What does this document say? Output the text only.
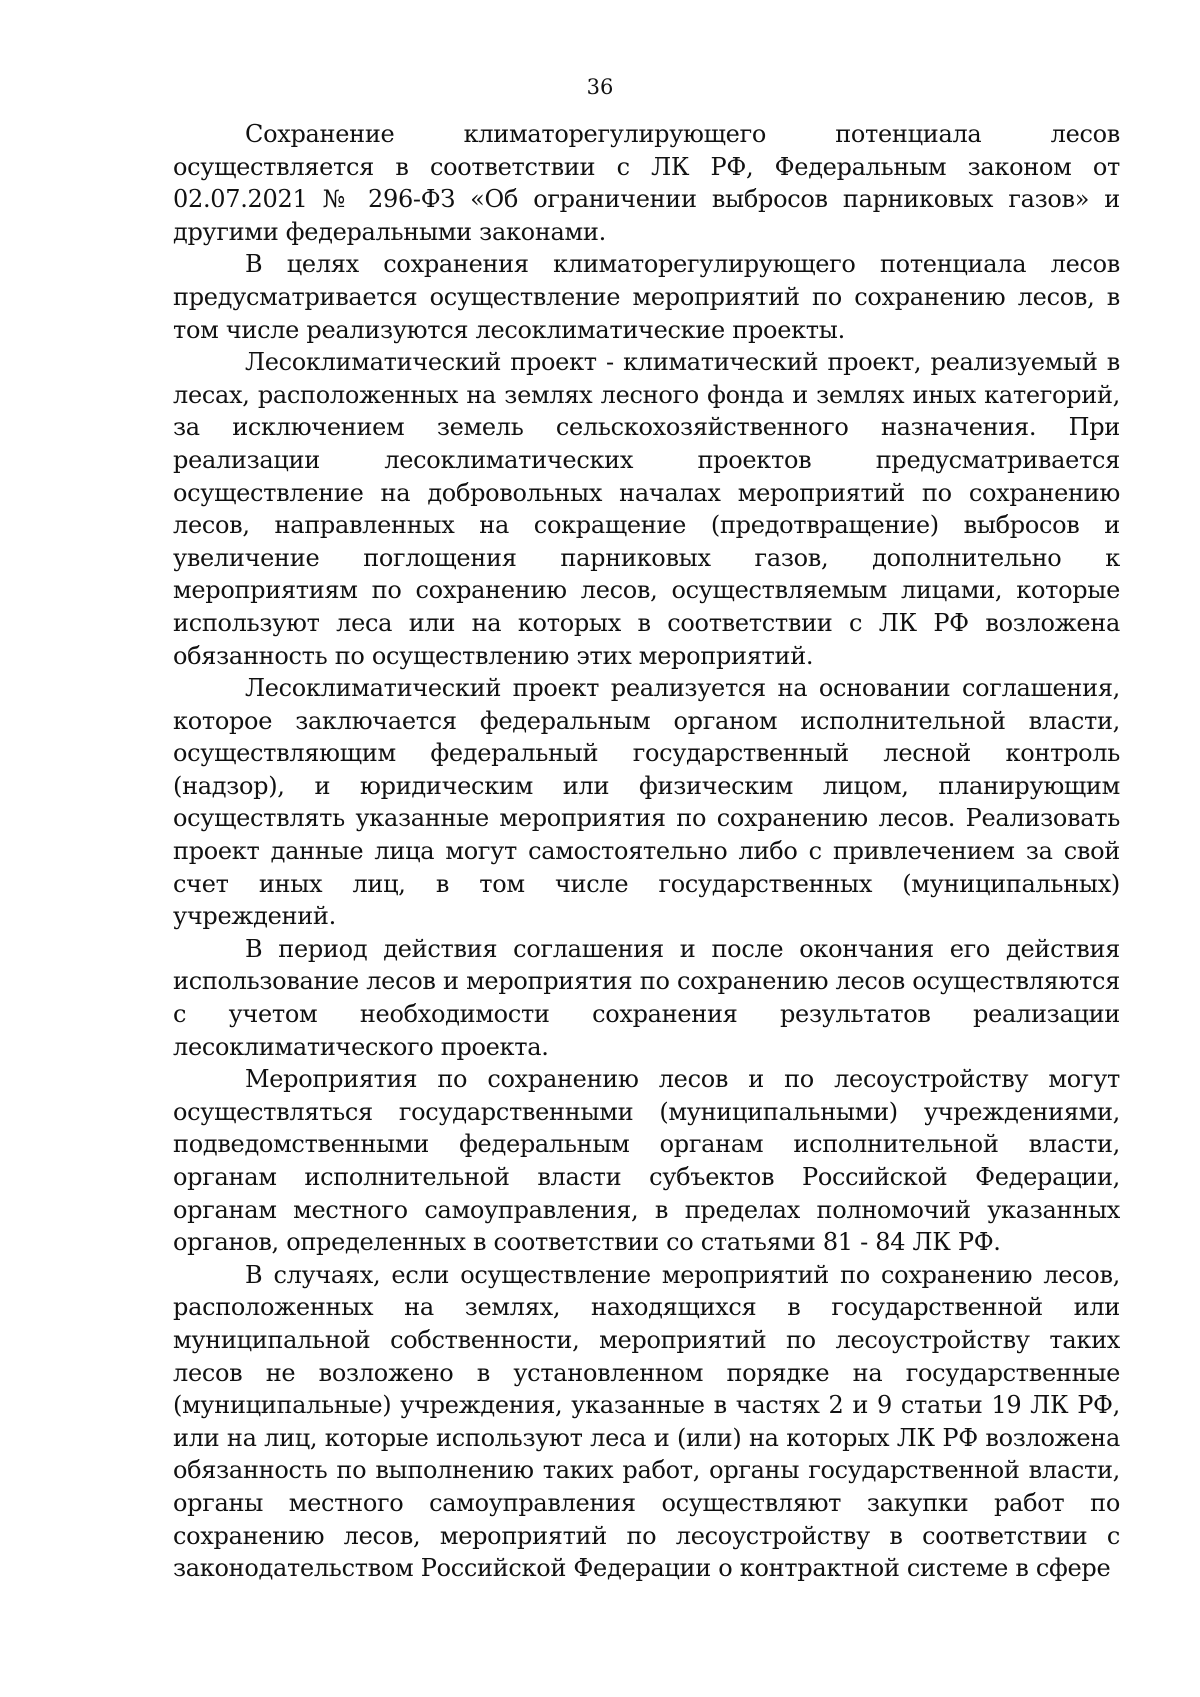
36

Сохранение климаторегулирующего потенциала лесов осуществляется в соответствии с ЛК РФ, Федеральным законом от 02.07.2021 № 296-ФЗ «Об ограничении выбросов парниковых газов» и другими федеральными законами.

В целях сохранения климаторегулирующего потенциала лесов предусматривается осуществление мероприятий по сохранению лесов, в том числе реализуются лесоклиматические проекты.

Лесоклиматический проект - климатический проект, реализуемый в лесах, расположенных на землях лесного фонда и землях иных категорий, за исключением земель сельскохозяйственного назначения. При реализации лесоклиматических проектов предусматривается осуществление на добровольных началах мероприятий по сохранению лесов, направленных на сокращение (предотвращение) выбросов и увеличение поглощения парниковых газов, дополнительно к мероприятиям по сохранению лесов, осуществляемым лицами, которые используют леса или на которых в соответствии с ЛК РФ возложена обязанность по осуществлению этих мероприятий.

Лесоклиматический проект реализуется на основании соглашения, которое заключается федеральным органом исполнительной власти, осуществляющим федеральный государственный лесной контроль (надзор), и юридическим или физическим лицом, планирующим осуществлять указанные мероприятия по сохранению лесов. Реализовать проект данные лица могут самостоятельно либо с привлечением за свой счет иных лиц, в том числе государственных (муниципальных) учреждений.

В период действия соглашения и после окончания его действия использование лесов и мероприятия по сохранению лесов осуществляются с учетом необходимости сохранения результатов реализации лесоклиматического проекта.

Мероприятия по сохранению лесов и по лесоустройству могут осуществляться государственными (муниципальными) учреждениями, подведомственными федеральным органам исполнительной власти, органам исполнительной власти субъектов Российской Федерации, органам местного самоуправления, в пределах полномочий указанных органов, определенных в соответствии со статьями 81 - 84 ЛК РФ.

В случаях, если осуществление мероприятий по сохранению лесов, расположенных на землях, находящихся в государственной или муниципальной собственности, мероприятий по лесоустройству таких лесов не возложено в установленном порядке на государственные (муниципальные) учреждения, указанные в частях 2 и 9 статьи 19 ЛК РФ, или на лиц, которые используют леса и (или) на которых ЛК РФ возложена обязанность по выполнению таких работ, органы государственной власти, органы местного самоуправления осуществляют закупки работ по сохранению лесов, мероприятий по лесоустройству в соответствии с законодательством Российской Федерации о контрактной системе в сфере
